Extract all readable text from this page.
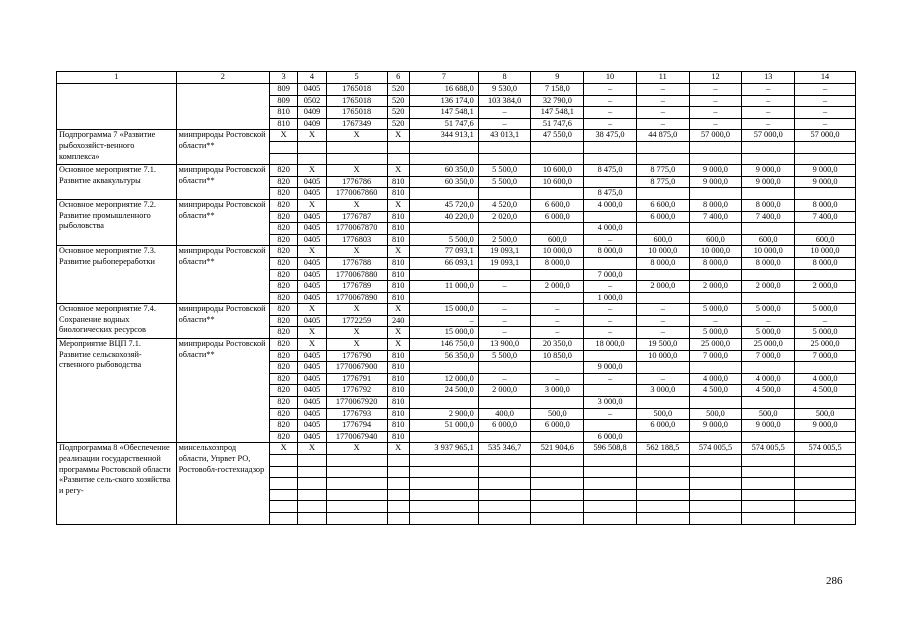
1	2	3	4	5	6	7	8	9	10	11	12	13	14
		809	0405	1765018	520	16 688,0	9 530,0	7 158,0	–	–	–	–	–
		809	0502	1765018	520	136 174,0	103 384,0	32 790,0	–	–	–	–	–
		810	0409	1765018	520	147 548,1	–	147 548,1	–	–	–	–	–
		810	0409	1767349	520	51 747,6	–	51 747,6	–	–	–	–	–
Подпрограмма 7 «Развитие рыбохозяйст-венного комплекса»	минприроды Ростовской области**	X	X	X	X	344 913,1	43 013,1	47 550,0	38 475,0	44 875,0	57 000,0	57 000,0	57 000,0

Основное мероприятие 7.1. Развитие аквакультуры	минприроды Ростовской области**	820	X	X	X	60 350,0	5 500,0	10 600,0	8 475,0	8 775,0	9 000,0	9 000,0	9 000,0
		820	0405	1776786	810	60 350,0	5 500,0	10 600,0		8 775,0	9 000,0	9 000,0	9 000,0
		820	0405	1770067860	810				8 475,0				
Основное мероприятие 7.2. Развитие промышленного рыболовства	минприроды Ростовской области**	820	X	X	X	45 720,0	4 520,0	6 600,0	4 000,0	6 600,0	8 000,0	8 000,0	8 000,0
		820	0405	1776787	810	40 220,0	2 020,0	6 000,0		6 000,0	7 400,0	7 400,0	7 400,0
		820	0405	1770067870	810				4 000,0				
		820	0405	1776803	810	5 500,0	2 500,0	600,0	–	600,0	600,0	600,0	600,0
Основное мероприятие 7.3. Развитие рыбопереработки	минприроды Ростовской области**	820	X	X	X	77 093,1	19 093,1	10 000,0	8 000,0	10 000,0	10 000,0	10 000,0	10 000,0
		820	0405	1776788	810	66 093,1	19 093,1	8 000,0		8 000,0	8 000,0	8 000,0	8 000,0
		820	0405	1770067880	810				7 000,0				
		820	0405	1776789	810	11 000,0	–	2 000,0	–	2 000,0	2 000,0	2 000,0	2 000,0
		820	0405	1770067890	810				1 000,0				
Основное мероприятие 7.4. Сохранение водных биологических ресурсов	минприроды Ростовской области**	820	X	X	X	15 000,0	–	–	–	–	5 000,0	5 000,0	5 000,0
		820	0405	1772259	240	–	–	–	–	–	–	–	–
		820	X	X	X	15 000,0	–	–	–	–	5 000,0	5 000,0	5 000,0
Мероприятие ВЦП 7.1. Развитие сельскохозяй-ственного рыбоводства	минприроды Ростовской области**	820	X	X	X	146 750,0	13 900,0	20 350,0	18 000,0	19 500,0	25 000,0	25 000,0	25 000,0
		820	0405	1776790	810	56 350,0	5 500,0	10 850,0		10 000,0	7 000,0	7 000,0	7 000,0
		820	0405	1770067900	810				9 000,0				
		820	0405	1776791	810	12 000,0	–	–	–	–	4 000,0	4 000,0	4 000,0
		820	0405	1776792	810	24 500,0	2 000,0	3 000,0		3 000,0	4 500,0	4 500,0	4 500,0
		820	0405	1770067920	810				3 000,0				
		820	0405	1776793	810	2 900,0	400,0	500,0	–	500,0	500,0	500,0	500,0
		820	0405	1776794	810	51 000,0	6 000,0	6 000,0		6 000,0	9 000,0	9 000,0	9 000,0
		820	0405	1770067940	810				6 000,0				
Подпрограмма 8 «Обеспечение реализации государственной программы Ростовской области «Развитие сель-ского хозяйства и регу-	минсельхозпрод области, Упрвет РО, Ростовобл-гостехнадзор	X	X	X	X	3 937 965,1	535 346,7	521 904,6	596 508,8	562 188,5	574 005,5	574 005,5	574 005,5

286
